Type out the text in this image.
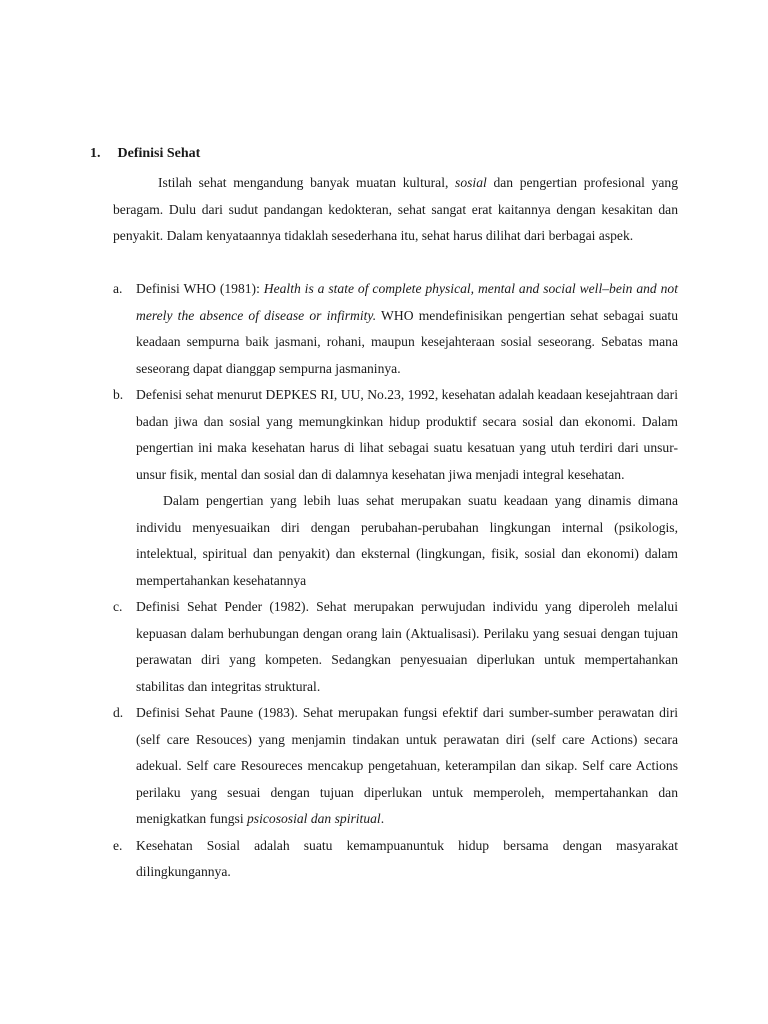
1. Definisi Sehat

Istilah sehat mengandung banyak muatan kultural, sosial dan pengertian profesional yang beragam. Dulu dari sudut pandangan kedokteran, sehat sangat erat kaitannya dengan kesakitan dan penyakit. Dalam kenyataannya tidaklah sesederhana itu, sehat harus dilihat dari berbagai aspek.

a. Definisi WHO (1981): Health is a state of complete physical, mental and social well–bein and not merely the absence of disease or infirmity. WHO mendefinisikan pengertian sehat sebagai suatu keadaan sempurna baik jasmani, rohani, maupun kesejahteraan sosial seseorang. Sebatas mana seseorang dapat dianggap sempurna jasmaninya.

b. Defenisi sehat menurut DEPKES RI, UU, No.23, 1992, kesehatan adalah keadaan kesejahtraan dari badan jiwa dan sosial yang memungkinkan hidup produktif secara sosial dan ekonomi. Dalam pengertian ini maka kesehatan harus di lihat sebagai suatu kesatuan yang utuh terdiri dari unsur-unsur fisik, mental dan sosial dan di dalamnya kesehatan jiwa menjadi integral kesehatan.

Dalam pengertian yang lebih luas sehat merupakan suatu keadaan yang dinamis dimana individu menyesuaikan diri dengan perubahan-perubahan lingkungan internal (psikologis, intelektual, spiritual dan penyakit) dan eksternal (lingkungan, fisik, sosial dan ekonomi) dalam mempertahankan kesehatannya

c. Definisi Sehat Pender (1982). Sehat merupakan perwujudan individu yang diperoleh melalui kepuasan dalam berhubungan dengan orang lain (Aktualisasi). Perilaku yang sesuai dengan tujuan perawatan diri yang kompeten. Sedangkan penyesuaian diperlukan untuk mempertahankan stabilitas dan integritas struktural.

d. Definisi Sehat Paune (1983). Sehat merupakan fungsi efektif dari sumber-sumber perawatan diri (self care Resouces) yang menjamin tindakan untuk perawatan diri (self care Actions) secara adekual. Self care Resoureces mencakup pengetahuan, keterampilan dan sikap. Self care Actions perilaku yang sesuai dengan tujuan diperlukan untuk memperoleh, mempertahankan dan menigkatkan fungsi psicososial dan spiritual.

e. Kesehatan Sosial adalah suatu kemampuanuntuk hidup bersama dengan masyarakat dilingkungannya.
